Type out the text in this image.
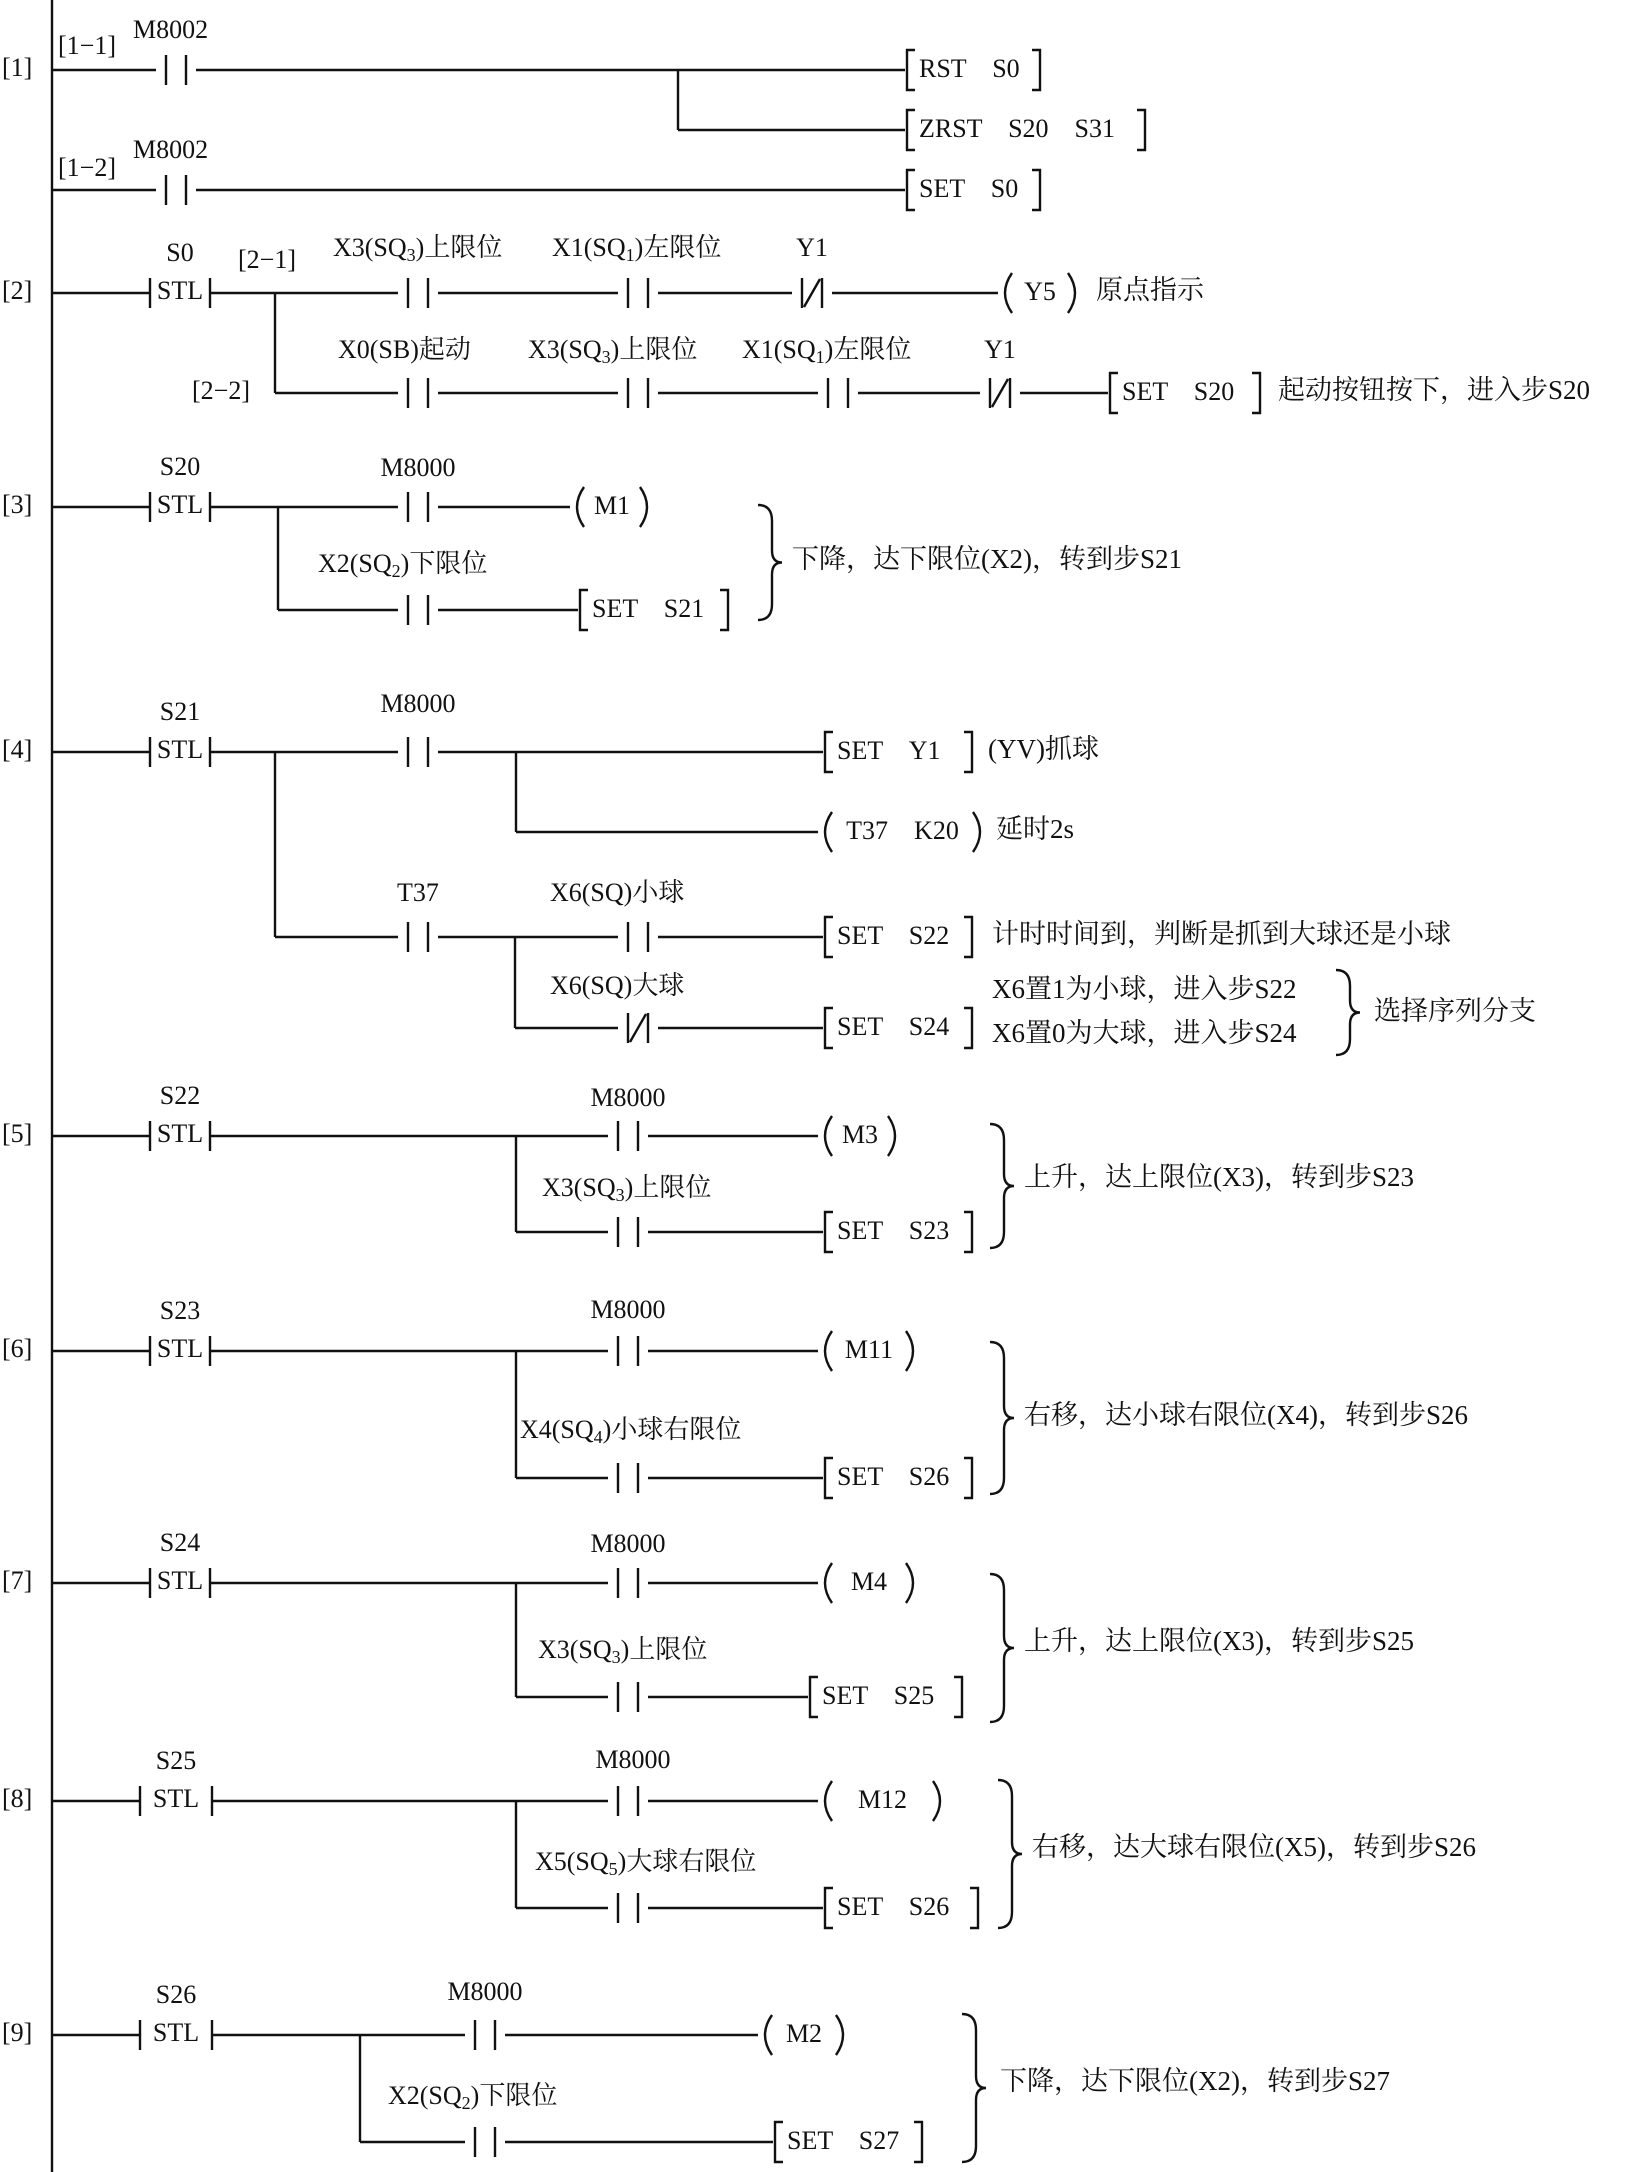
[1]
[1−1]
M8002
RST　S0
ZRST　S20　S31
[1−2]
M8002
SET　S0
[2]	STL
S0 [2−1] $X3(SQ_3)$上限位 $X1(SQ_1)$左限位	Y1
Y5 原点指示
[2−2]
X0(SB)起动 $X3(SQ_3)$上限位 $X1(SQ_1)$左限位	Y1
SET　S20 起动按钮按下，进入步S20
[3]	STL
S20	M8000
M1
$X2(SQ_2)$下限位
SET　S21
下降，达下限位(X2)，转到步S21
[4]	STL
S21	M8000
SET　Y1 (YV)抓球
T37　K20 延时2s
T37	X6(SQ)小球
SET　S22 计时时间到，判断是抓到大球还是小球
X6(SQ)大球
SET　S24
X6置1为小球，进入步S22
X6置0为大球，进入步S24
选择序列分支
[5]	STL
S22	M8000
M3
$X3(SQ_3)$上限位
SET　S23
上升，达上限位(X3)，转到步S23
[6]	STL
S23	M8000
M11
$X4(SQ_4)$小球右限位
SET　S26
右移，达小球右限位(X4)，转到步S26
[7]	STL
S24	M8000
M4
$X3(SQ_3)$上限位
SET　S25
上升，达上限位(X3)，转到步S25
[8]	STL
S25	M8000
M12
$X5(SQ_5)$大球右限位
SET　S26
右移，达大球右限位(X5)，转到步S26
[9]	STL
S26	M8000
M2
$X2(SQ_2)$下限位
SET　S27
下降，达下限位(X2)，转到步S27
